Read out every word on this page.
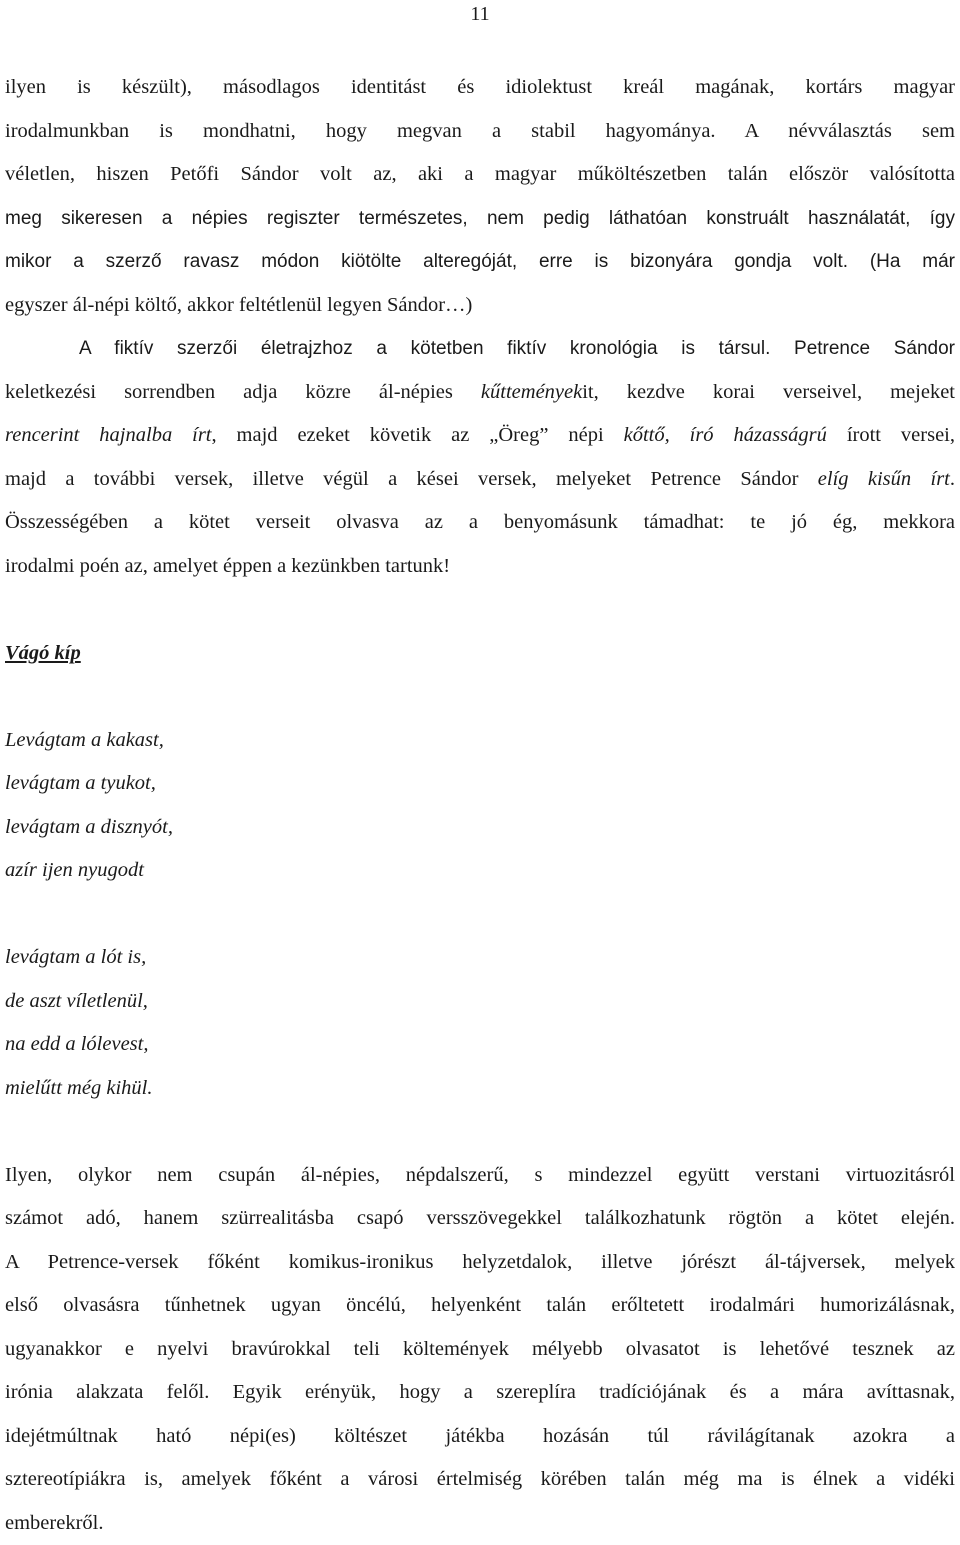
11
ilyen is készült), másodlagos identitást és idiolektust kreál magának, kortárs magyar
irodalmunkban is mondhatni, hogy megvan a stabil hagyománya. A névválasztás sem
véletlen, hiszen Petőfi Sándor volt az, aki a magyar műköltészetben talán először valósította
meg sikeresen a népies regiszter természetes, nem pedig láthatóan konstruált használatát, így
mikor a szerző ravasz módon kiötölte alteregóját, erre is bizonyára gondja volt. (Ha már
egyszer ál-népi költő, akkor feltétlenül legyen Sándor…)
A fiktív szerzői életrajzhoz a kötetben fiktív kronológia is társul. Petrence Sándor
keletkezési sorrendben adja közre ál-népies kűtteményekit, kezdve korai verseivel, mejeket
rencerint hajnalba írt, majd ezeket követik az „Öreg” népi kőttő, író házasságrú írott versei,
majd a további versek, illetve végül a kései versek, melyeket Petrence Sándor elíg kisűn írt.
Összességében a kötet verseit olvasva az a benyomásunk támadhat: te jó ég, mekkora
irodalmi poén az, amelyet éppen a kezünkben tartunk!
Vágó kíp
Levágtam a kakast,
levágtam a tyukot,
levágtam a disznyót,
azír ijen nyugodt
levágtam a lót is,
de aszt víletlenül,
na edd a lólevest,
mielűtt még kihül.
Ilyen, olykor nem csupán ál-népies, népdalszerű, s mindezzel együtt verstani virtuozitásról
számot adó, hanem szürrealitásba csapó versszövegekkel találkozhatunk rögtön a kötet elején.
A Petrence-versek főként komikus-ironikus helyzetdalok, illetve jórészt ál-tájversek, melyek
első olvasásra tűnhetnek ugyan öncélú, helyenként talán erőltetett irodalmári humorizálásnak,
ugyanakkor e nyelvi bravúrokkal teli költemények mélyebb olvasatot is lehetővé tesznek az
irónia alakzata felől. Egyik erényük, hogy a szereplíra tradíciójának és a mára avíttasnak,
idejétmúltnak ható népi(es) költészet játékba hozásán túl rávilágítanak azokra a
sztereotípiákra is, amelyek főként a városi értelmiség körében talán még ma is élnek a vidéki
emberekről.
